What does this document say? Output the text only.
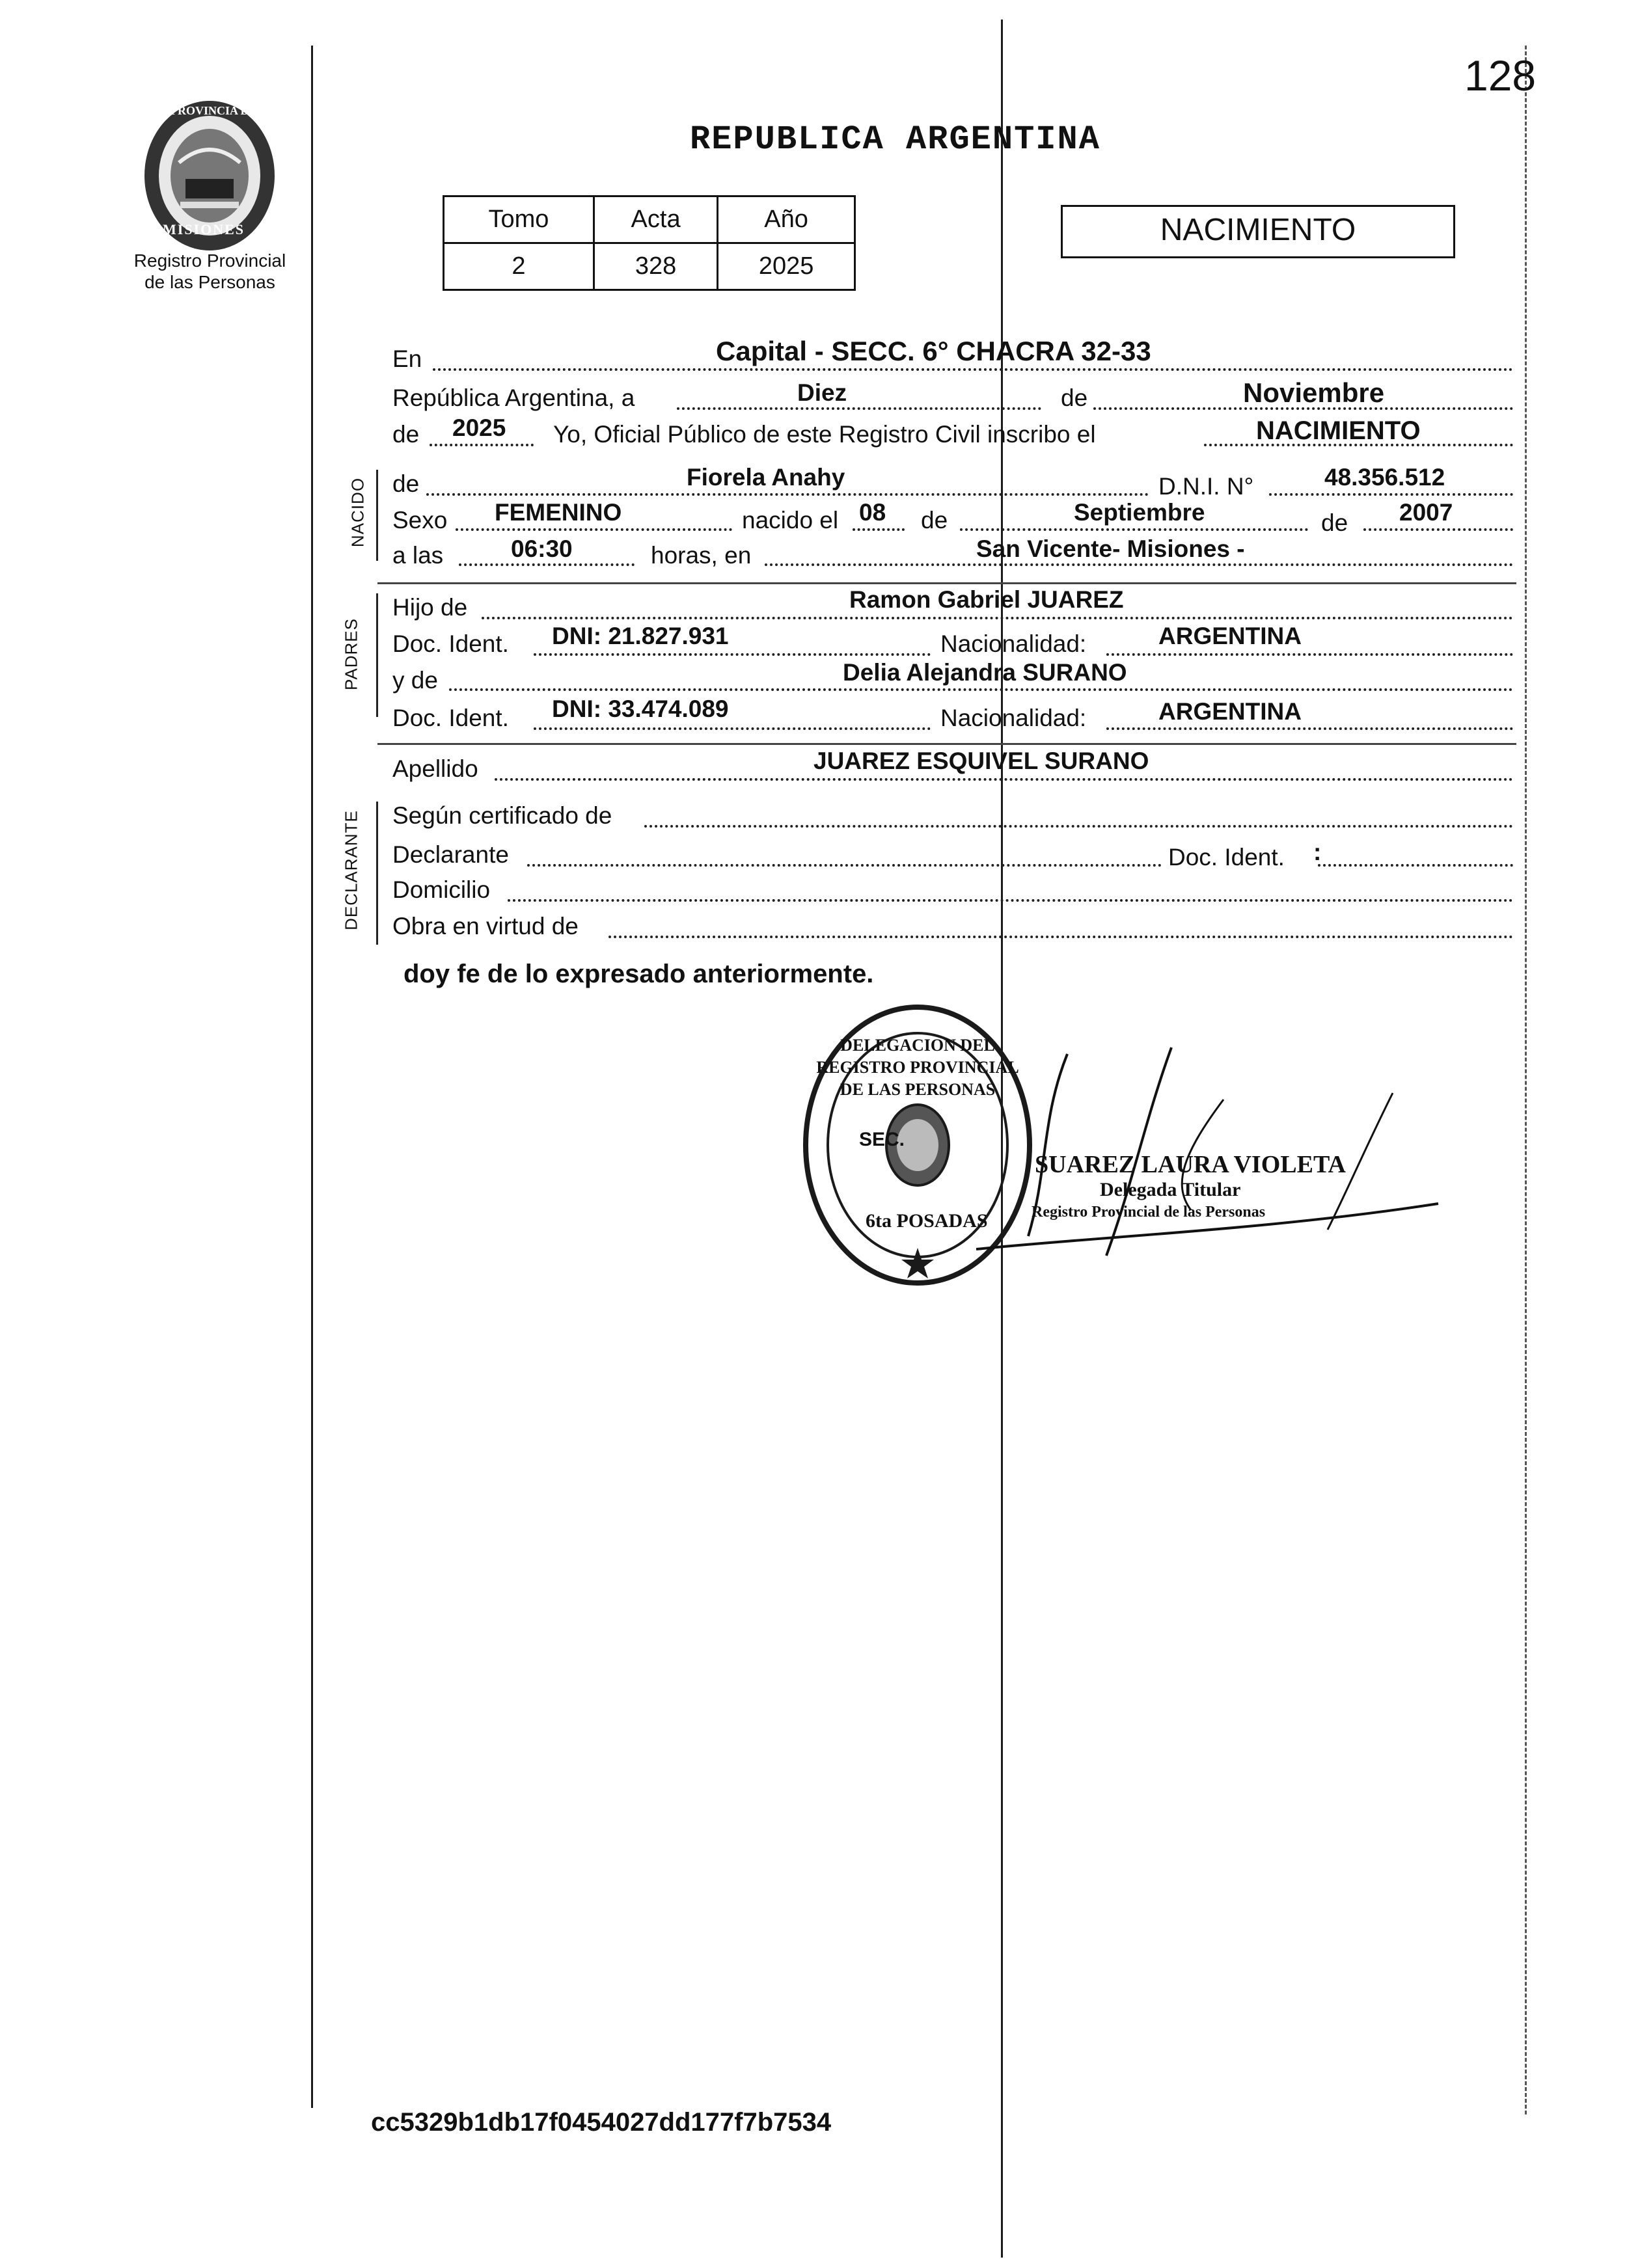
128
PROVINCIA DE
MISIONES
Registro Provincial
de las Personas
REPUBLICA ARGENTINA
Tomo	Acta	Año
2	328	2025
NACIMIENTO
En	Capital - SECC. 6° CHACRA 32-33
República Argentina, a	Diez	de	Noviembre
de 2025 Yo, Oficial Público de este Registro Civil inscribo el	NACIMIENTO
NACIDO de	Fiorela Anahy	D.N.I. N°	48.356.512
Sexo FEMENINO	nacido el 08 de	Septiembre	de 2007
a las	06:30	horas, en	San Vicente- Misiones -
PADRES
Hijo de	Ramon Gabriel JUAREZ
Doc. Ident. DNI: 21.827.931	Nacionalidad:	ARGENTINA
y de	Delia Alejandra SURANO
Doc. Ident. DNI: 33.474.089	Nacionalidad:	ARGENTINA
Apellido	JUAREZ ESQUIVEL SURANO
DECLARANTE Según certificado de
Declarante	Doc. Ident. :
Domicilio
Obra en virtud de
doy fe de lo expresado anteriormente.
DELEGACION DEL REGISTRO PROVINCIAL DE LAS PERSONAS
SEC.
6ta POSADAS
SUAREZ LAURA VIOLETA
Delegada Titular
Registro Provincial de las Personas
cc5329b1db17f0454027dd177f7b7534
